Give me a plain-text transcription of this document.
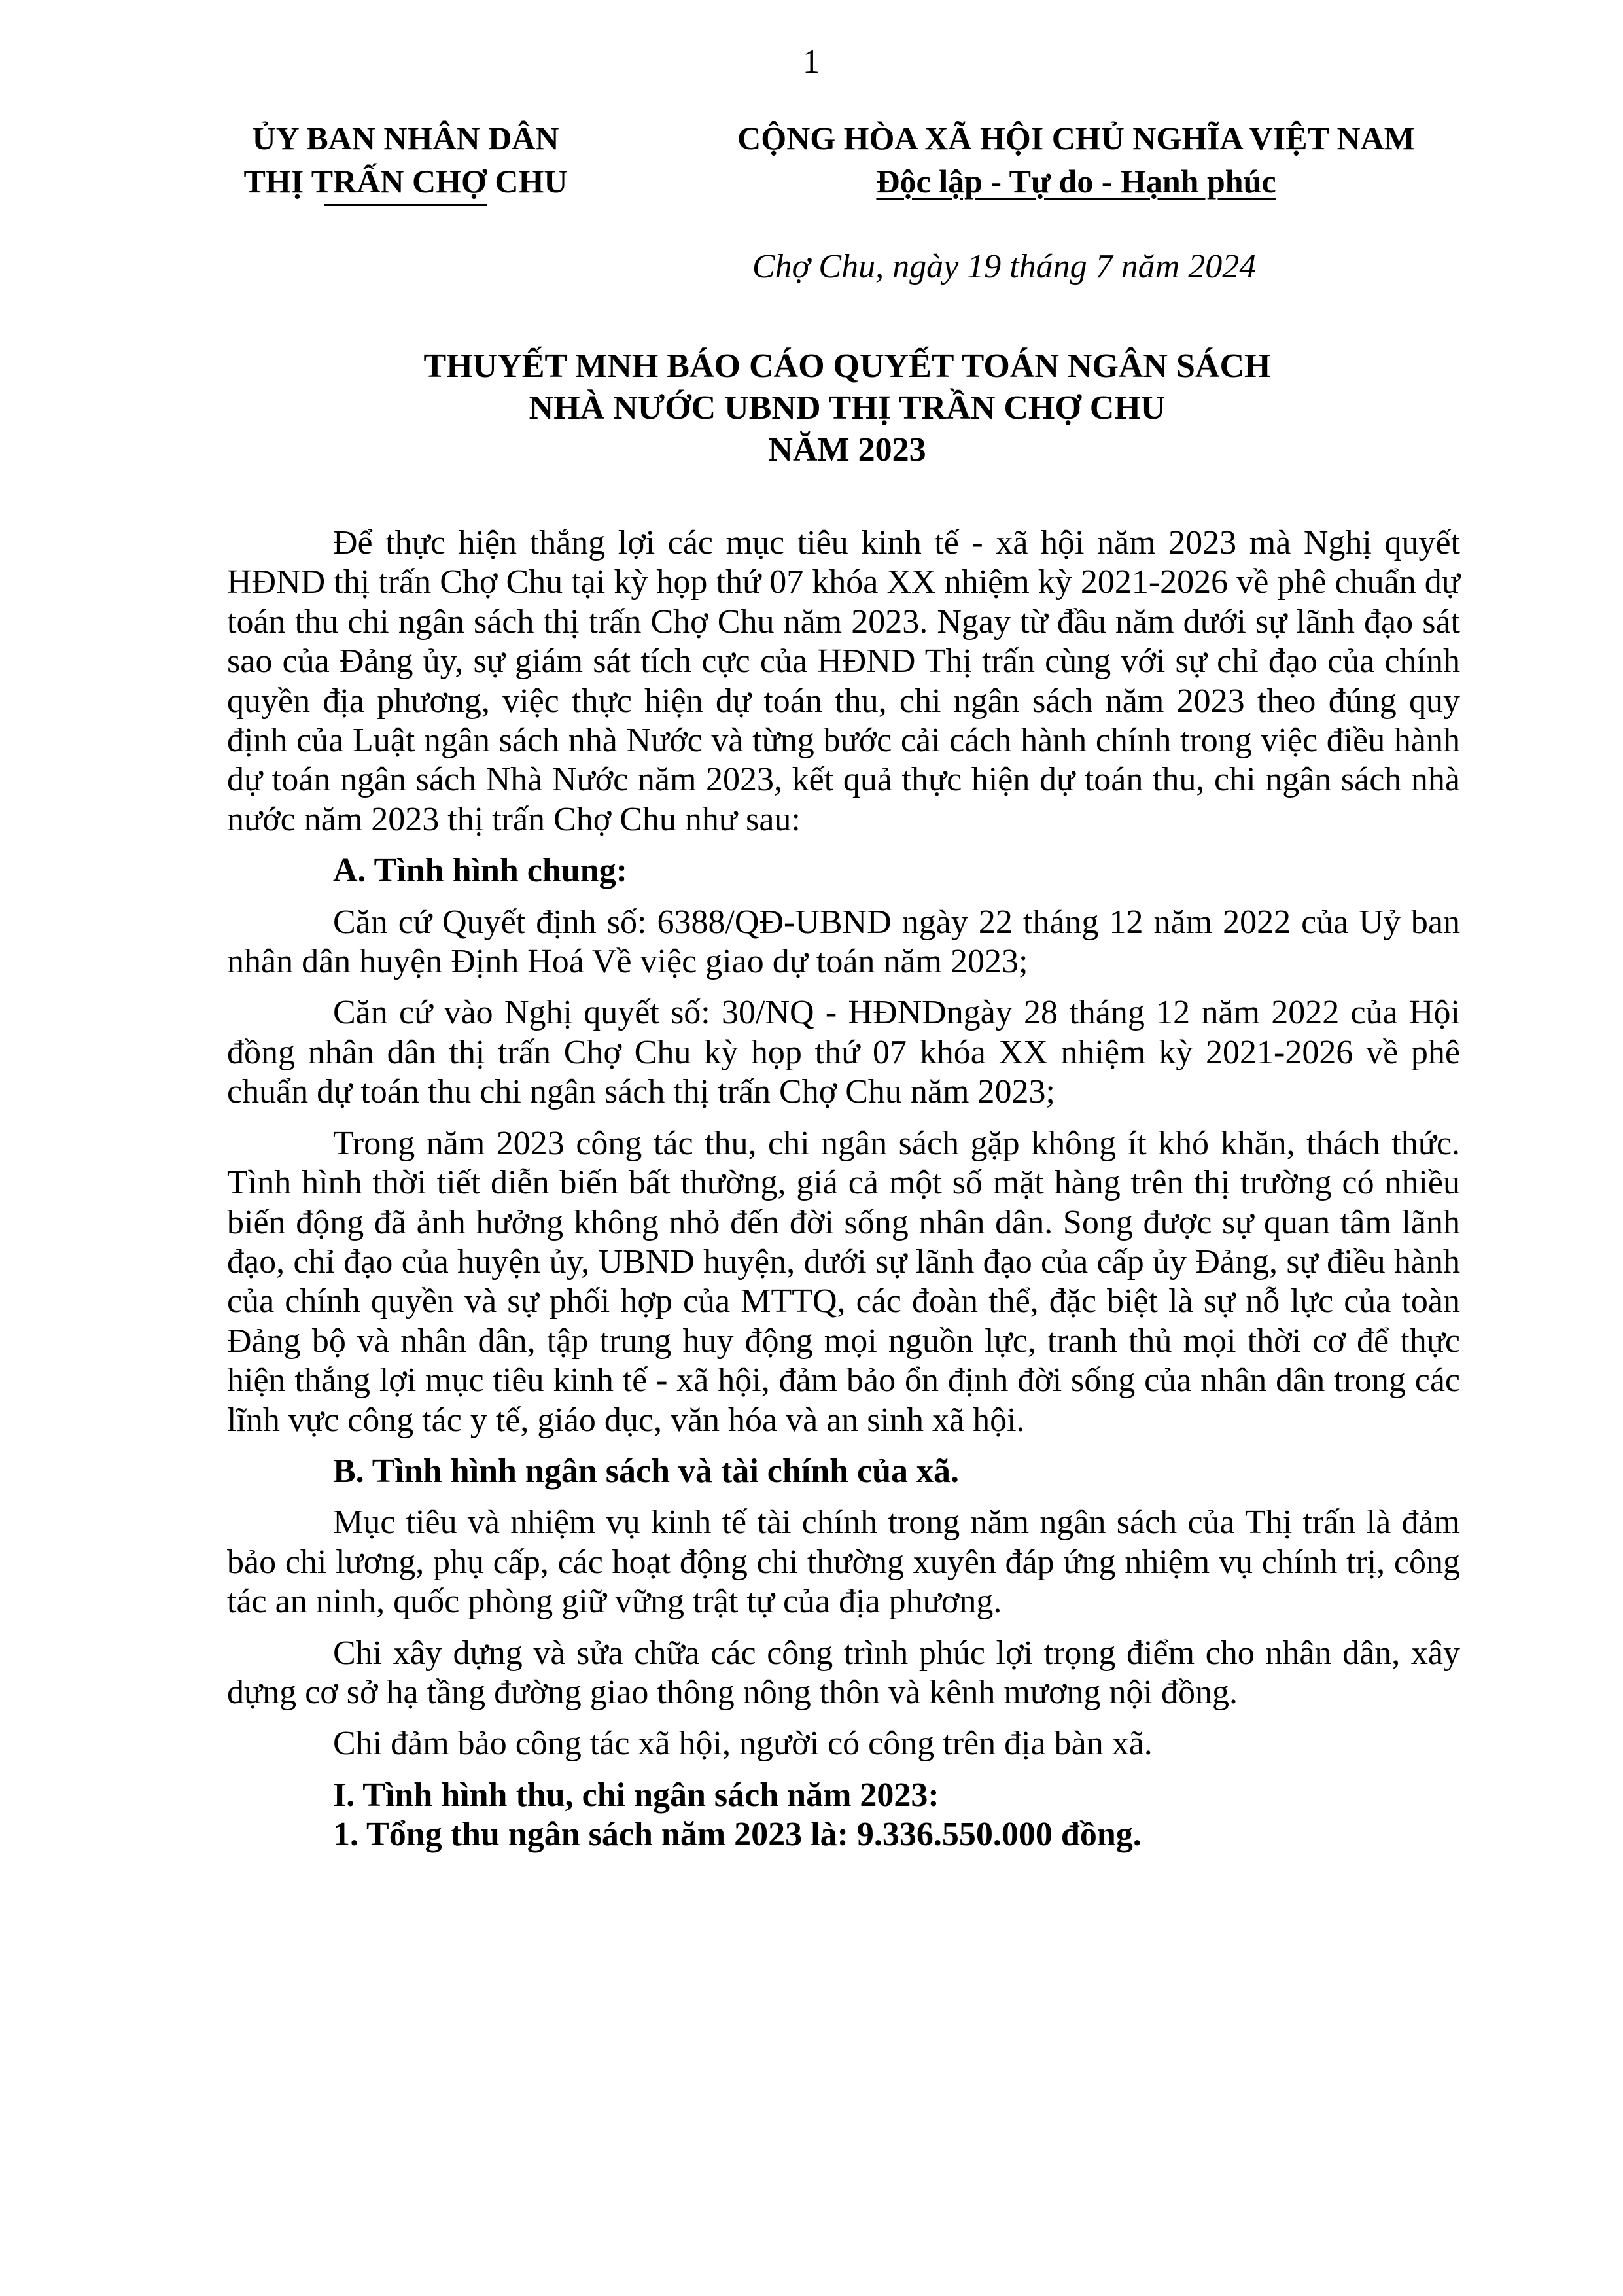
1
ỦY BAN NHÂN DÂN
THỊ TRẤN CHỢ CHU
CỘNG HÒA XÃ HỘI CHỦ NGHĨA VIỆT NAM
Độc lập - Tự do - Hạnh phúc
Chợ Chu, ngày 19 tháng 7 năm 2024
THUYẾT MNH BÁO CÁO QUYẾT TOÁN NGÂN SÁCH
NHÀ NƯỚC UBND THỊ TRẦN CHỢ CHU
NĂM 2023

Để thực hiện thắng lợi các mục tiêu kinh tế - xã hội năm 2023 mà Nghị quyết HĐND thị trấn Chợ Chu tại kỳ họp thứ 07 khóa XX nhiệm kỳ 2021-2026 về phê chuẩn dự toán thu chi ngân sách thị trấn Chợ Chu năm 2023. Ngay từ đầu năm dưới sự lãnh đạo sát sao của Đảng ủy, sự giám sát tích cực của HĐND Thị trấn cùng với sự chỉ đạo của chính quyền địa phương, việc thực hiện dự toán thu, chi ngân sách năm 2023 theo đúng quy định của Luật ngân sách nhà Nước và từng bước cải cách hành chính trong việc điều hành dự toán ngân sách Nhà Nước năm 2023, kết quả thực hiện dự toán thu, chi ngân sách nhà nước năm 2023 thị trấn Chợ Chu như sau:

A. Tình hình chung:

Căn cứ Quyết định số: 6388/QĐ-UBND ngày 22 tháng 12 năm 2022 của Uỷ ban nhân dân huyện Định Hoá Về việc giao dự toán năm 2023;

Căn cứ vào Nghị quyết số: 30/NQ - HĐNDngày 28 tháng 12 năm 2022 của Hội đồng nhân dân thị trấn Chợ Chu kỳ họp thứ 07 khóa XX nhiệm kỳ 2021-2026 về phê chuẩn dự toán thu chi ngân sách thị trấn Chợ Chu năm 2023;

Trong năm 2023 công tác thu, chi ngân sách gặp không ít khó khăn, thách thức. Tình hình thời tiết diễn biến bất thường, giá cả một số mặt hàng trên thị trường có nhiều biến động đã ảnh hưởng không nhỏ đến đời sống nhân dân. Song được sự quan tâm lãnh đạo, chỉ đạo của huyện ủy, UBND huyện, dưới sự lãnh đạo của cấp ủy Đảng, sự điều hành của chính quyền và sự phối hợp của MTTQ, các đoàn thể, đặc biệt là sự nỗ lực của toàn Đảng bộ và nhân dân, tập trung huy động mọi nguồn lực, tranh thủ mọi thời cơ để thực hiện thắng lợi mục tiêu kinh tế - xã hội, đảm bảo ổn định đời sống của nhân dân trong các lĩnh vực công tác y tế, giáo dục, văn hóa và an sinh xã hội.

B. Tình hình ngân sách và tài chính của xã.

Mục tiêu và nhiệm vụ kinh tế tài chính trong năm ngân sách của Thị trấn là đảm bảo chi lương, phụ cấp, các hoạt động chi thường xuyên đáp ứng nhiệm vụ chính trị, công tác an ninh, quốc phòng giữ vững trật tự của địa phương.

Chi xây dựng và sửa chữa các công trình phúc lợi trọng điểm cho nhân dân, xây dựng cơ sở hạ tầng đường giao thông nông thôn và kênh mương nội đồng.

Chi đảm bảo công tác xã hội, người có công trên địa bàn xã.

I. Tình hình thu, chi ngân sách năm 2023:

1. Tổng thu ngân sách năm 2023 là: 9.336.550.000 đồng.
